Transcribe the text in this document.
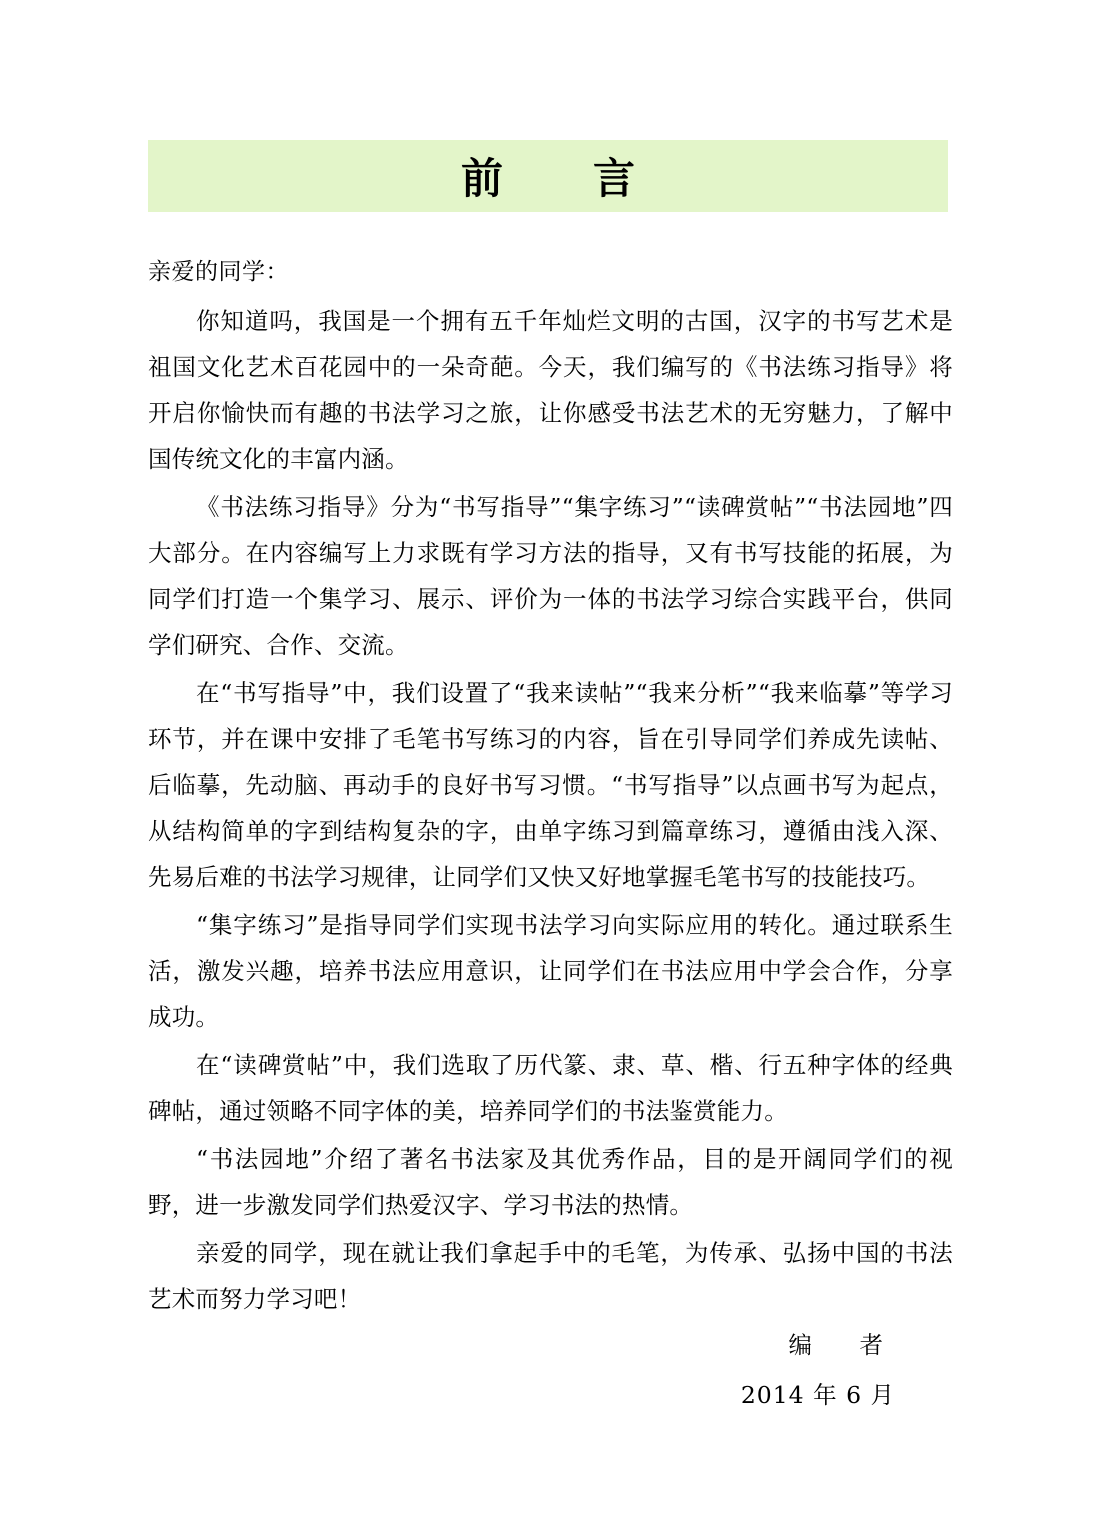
前　言

亲爱的同学：

你知道吗，我国是一个拥有五千年灿烂文明的古国，汉字的书写艺术是祖国文化艺术百花园中的一朵奇葩。今天，我们编写的《书法练习指导》将开启你愉快而有趣的书法学习之旅，让你感受书法艺术的无穷魅力，了解中国传统文化的丰富内涵。

《书法练习指导》分为“书写指导”“集字练习”“读碑赏帖”“书法园地”四大部分。在内容编写上力求既有学习方法的指导，又有书写技能的拓展，为同学们打造一个集学习、展示、评价为一体的书法学习综合实践平台，供同学们研究、合作、交流。

在“书写指导”中，我们设置了“我来读帖”“我来分析”“我来临摹”等学习环节，并在课中安排了毛笔书写练习的内容，旨在引导同学们养成先读帖、后临摹，先动脑、再动手的良好书写习惯。“书写指导”以点画书写为起点，从结构简单的字到结构复杂的字，由单字练习到篇章练习，遵循由浅入深、先易后难的书法学习规律，让同学们又快又好地掌握毛笔书写的技能技巧。

“集字练习”是指导同学们实现书法学习向实际应用的转化。通过联系生活，激发兴趣，培养书法应用意识，让同学们在书法应用中学会合作，分享成功。

在“读碑赏帖”中，我们选取了历代篆、隶、草、楷、行五种字体的经典碑帖，通过领略不同字体的美，培养同学们的书法鉴赏能力。

“书法园地”介绍了著名书法家及其优秀作品，目的是开阔同学们的视野，进一步激发同学们热爱汉字、学习书法的热情。

亲爱的同学，现在就让我们拿起手中的毛笔，为传承、弘扬中国的书法艺术而努力学习吧！

编　者
2014 年 6 月
